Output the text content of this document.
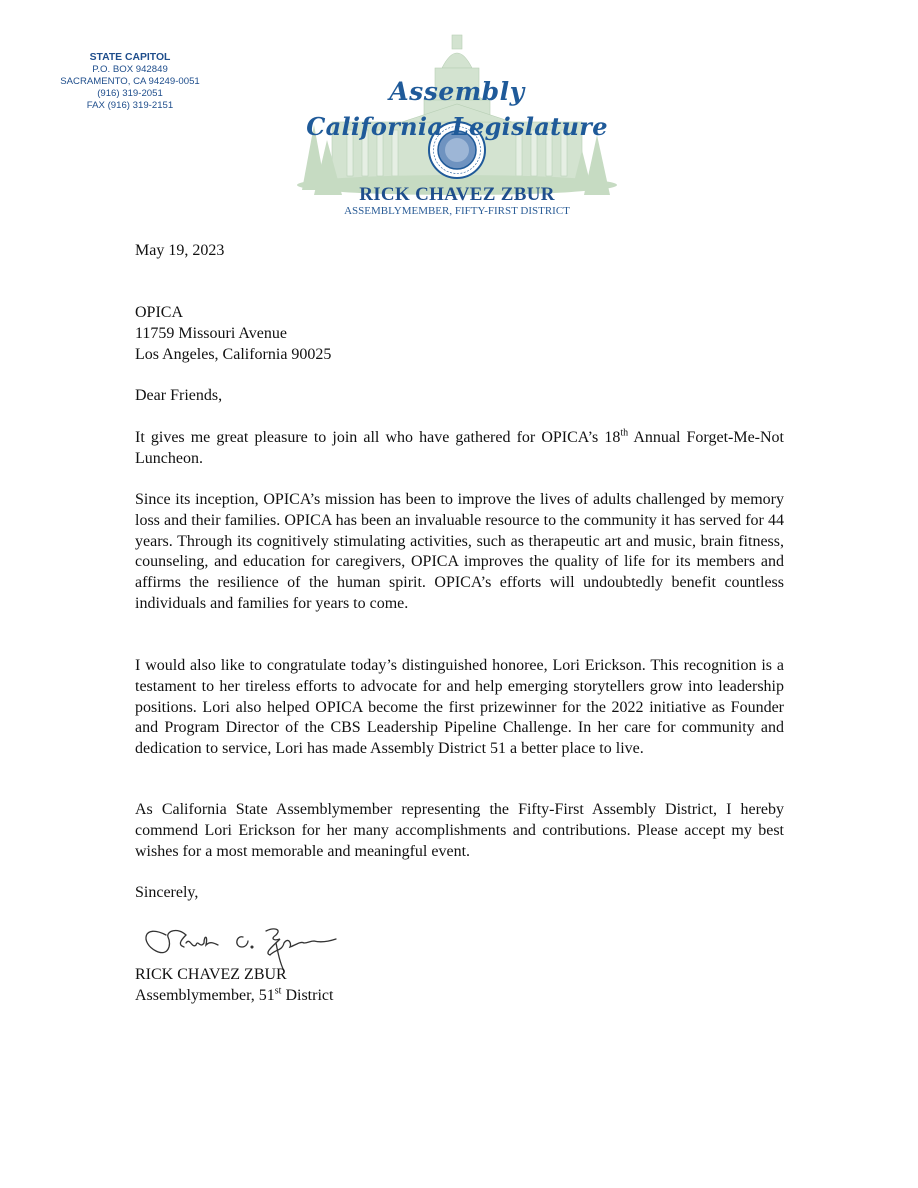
STATE CAPITOL
P.O. BOX 942849
SACRAMENTO, CA 94249-0051
(916) 319-2051
FAX (916) 319-2151	Assembly
California Legislature
RICK CHAVEZ ZBUR
ASSEMBLYMEMBER, FIFTY-FIRST DISTRICT
May 19, 2023
OPICA
11759 Missouri Avenue
Los Angeles, California 90025
Dear Friends,
It gives me great pleasure to join all who have gathered for OPICA’s 18th Annual Forget-Me-Not Luncheon.
Since its inception, OPICA’s mission has been to improve the lives of adults challenged by memory loss and their families. OPICA has been an invaluable resource to the community it has served for 44 years. Through its cognitively stimulating activities, such as therapeutic art and music, brain fitness, counseling, and education for caregivers, OPICA improves the quality of life for its members and affirms the resilience of the human spirit. OPICA’s efforts will undoubtedly benefit countless individuals and families for years to come.
I would also like to congratulate today’s distinguished honoree, Lori Erickson. This recognition is a testament to her tireless efforts to advocate for and help emerging storytellers grow into leadership positions. Lori also helped OPICA become the first prizewinner for the 2022 initiative as Founder and Program Director of the CBS Leadership Pipeline Challenge. In her care for community and dedication to service, Lori has made Assembly District 51 a better place to live.
As California State Assemblymember representing the Fifty-First Assembly District, I hereby commend Lori Erickson for her many accomplishments and contributions. Please accept my best wishes for a most memorable and meaningful event.
Sincerely,
RICK CHAVEZ ZBUR
Assemblymember, 51st District
